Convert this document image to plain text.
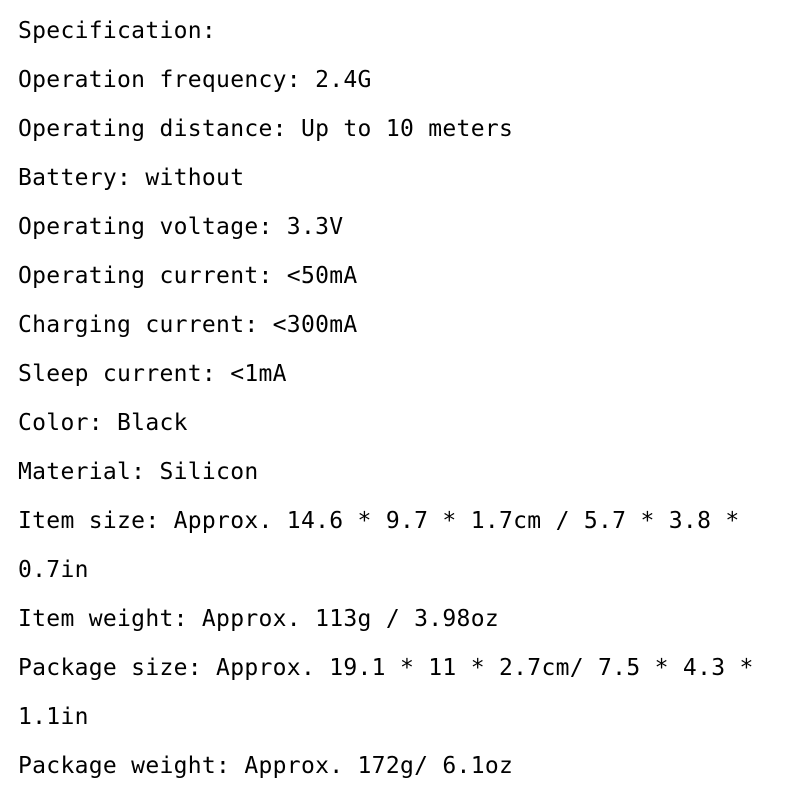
Specification:
Operation frequency: 2.4G
Operating distance: Up to 10 meters
Battery: without
Operating voltage: 3.3V
Operating current: <50mA
Charging current: <300mA
Sleep current: <1mA
Color: Black
Material: Silicon
Item size: Approx. 14.6 * 9.7 * 1.7cm / 5.7 * 3.8 *
0.7in
Item weight: Approx. 113g / 3.98oz
Package size: Approx. 19.1 * 11 * 2.7cm/ 7.5 * 4.3 *
1.1in
Package weight: Approx. 172g/ 6.1oz
